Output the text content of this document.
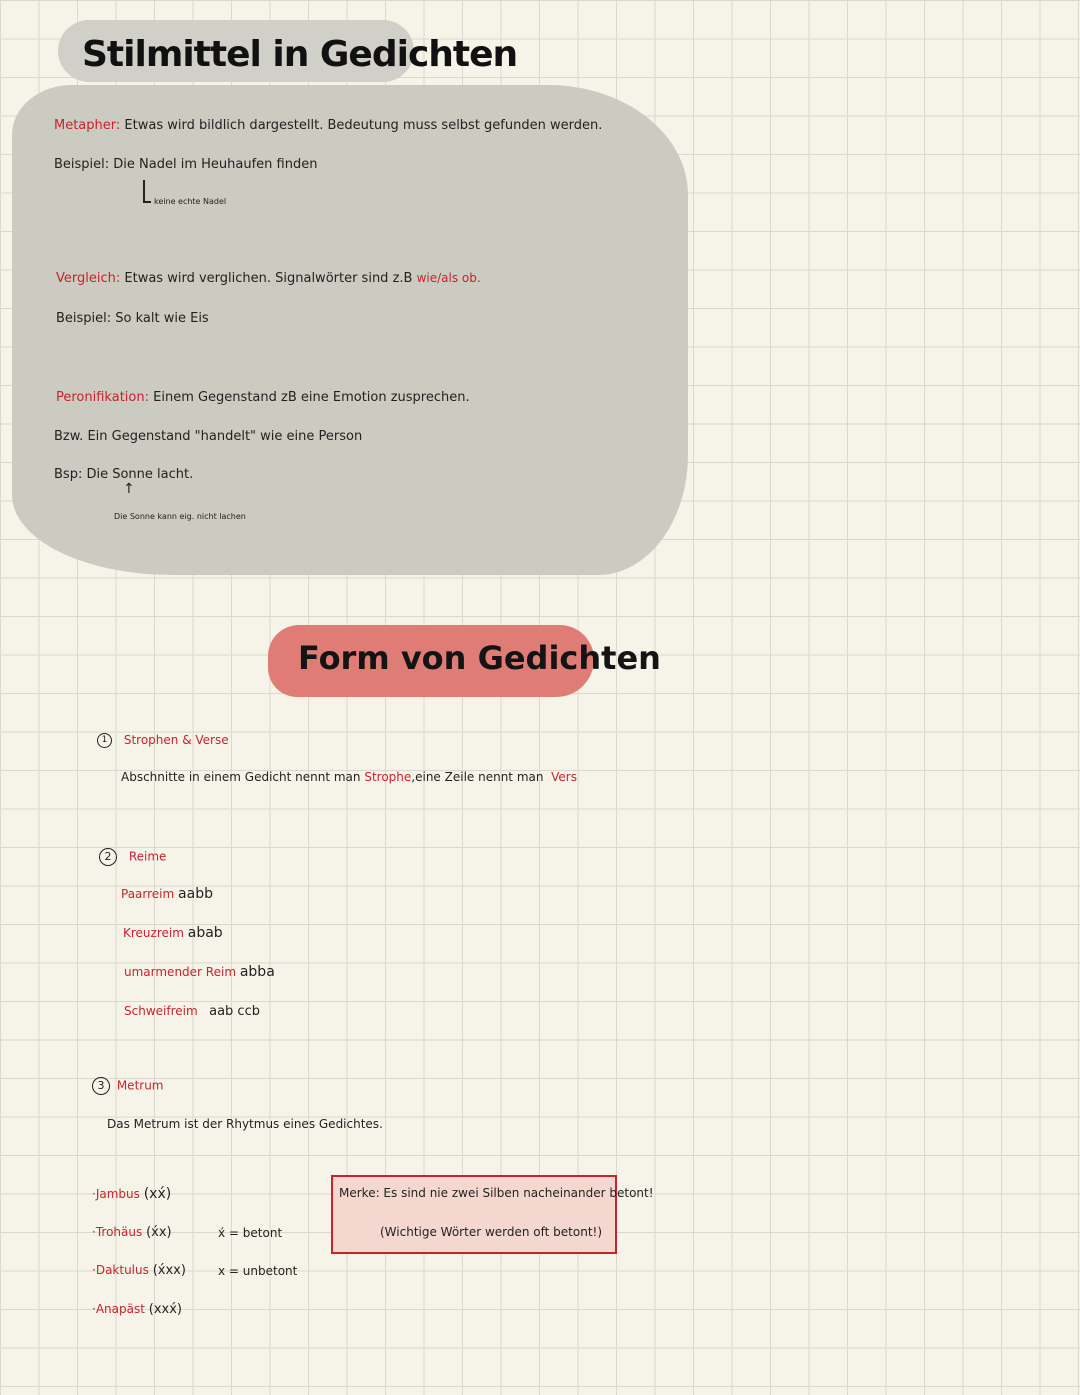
Stilmittel in Gedichten
Metapher: Etwas wird bildlich dargestellt. Bedeutung muss selbst gefunden werden.
Beispiel: Die Nadel im Heuhaufen finden
keine echte Nadel
Vergleich: Etwas wird verglichen. Signalwörter sind z.B wie/als ob.
Beispiel: So kalt wie Eis
Peronifikation: Einem Gegenstand zB eine Emotion zusprechen.
Bzw. Ein Gegenstand "handelt" wie eine Person
Bsp: Die Sonne lacht.
↑
Die Sonne kann eig. nicht lachen
Form von Gedichten
1 Strophen & Verse
Abschnitte in einem Gedicht nennt man Strophe,eine Zeile nennt man Vers
2 Reime
Paarreim aabb
Kreuzreim abab
umarmender Reim abba
Schweifreim aab ccb
3 Metrum
Das Metrum ist der Rhytmus eines Gedichtes.
·Jambus (xx́)
·Trohäus (x́x)
·Daktulus (x́xx)
·Anapäst (xxx́)
x́ = betont
x = unbetont
Merke: Es sind nie zwei Silben nacheinander betont!
(Wichtige Wörter werden oft betont!)
